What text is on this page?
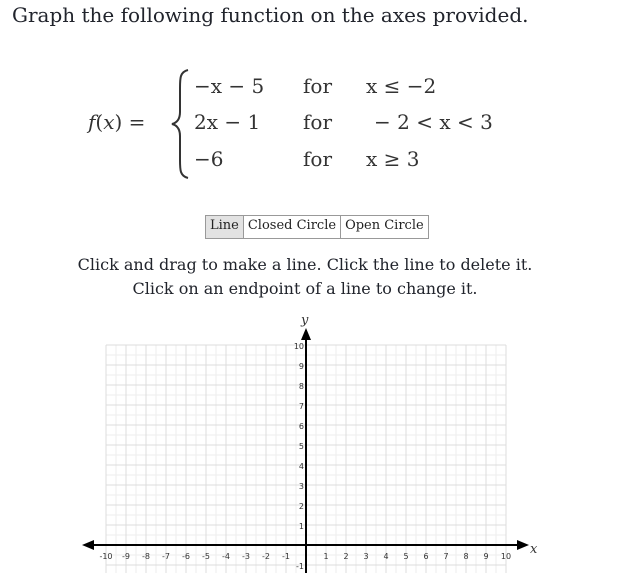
Graph the following function on the axes provided.
f(x) =
−x − 5 for x ≤ −2
2x − 1 for − 2 < x < 3
−6	for x ≥ 3
Line Closed Circle Open Circle
Click and drag to make a line. Click the line to delete it.
Click on an endpoint of a line to change it.
-10 -9 -8 -7 -6 -5 -4 -3 -2 -1	1 2 3 4 5 6 7 8 9 10
10
9
8
7
6
5
4
3
2
1
-1
x
y
